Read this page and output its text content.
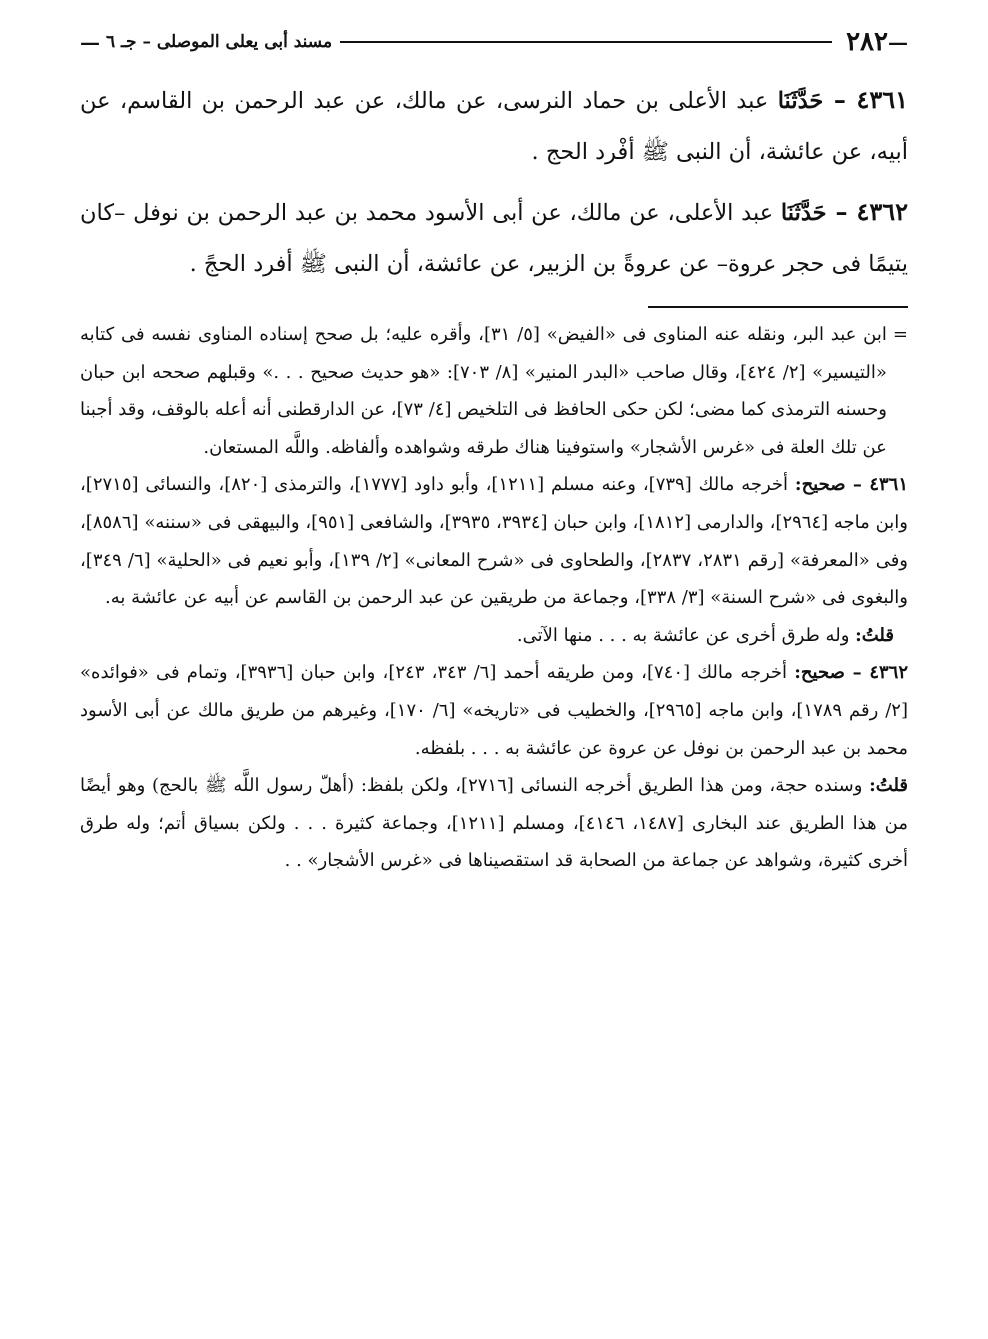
—
٢٨٢
مسند أبى يعلى الموصلى – جـ ٦
—

٤٣٦١ – حَدَّثَنَا عبد الأعلى بن حماد النرسى، عن مالك، عن عبد الرحمن بن القاسم، عن أبيه، عن عائشة، أن النبى ﷺ أفْرد الحج .

٤٣٦٢ – حَدَّثَنَا عبد الأعلى، عن مالك، عن أبى الأسود محمد بن عبد الرحمن بن نوفل –كان يتيمًا فى حجر عروة– عن عروةً بن الزبير، عن عائشة، أن النبى ﷺ أفرد الحجً .

=
ابن عبد البر، ونقله عنه المناوى فى «الفيض» [٥/ ٣١]، وأقره عليه؛ بل صحح إسناده المناوى نفسه فى كتابه «التيسير» [٢/ ٤٢٤]، وقال صاحب «البدر المنير» [٨/ ٧٠٣]: «هو حديث صحيح . . .» وقبلهم صححه ابن حبان وحسنه الترمذى كما مضى؛ لكن حكى الحافظ فى التلخيص [٤/ ٧٣]، عن الدارقطنى أنه أعله بالوقف، وقد أجبنا عن تلك العلة فى «غرس الأشجار» واستوفينا هناك طرقه وشواهده وألفاظه. واللَّه المستعان.

٤٣٦١ – صحيح: أخرجه مالك [٧٣٩]، وعنه مسلم [١٢١١]، وأبو داود [١٧٧٧]، والترمذى [٨٢٠]، والنسائى [٢٧١٥]، وابن ماجه [٢٩٦٤]، والدارمى [١٨١٢]، وابن حبان [٣٩٣٤، ٣٩٣٥]، والشافعى [٩٥١]، والبيهقى فى «سننه» [٨٥٨٦]، وفى «المعرفة» [رقم ٢٨٣١، ٢٨٣٧]، والطحاوى فى «شرح المعانى» [٢/ ١٣٩]، وأبو نعيم فى «الحلية» [٦/ ٣٤٩]، والبغوى فى «شرح السنة» [٣/ ٣٣٨]، وجماعة من طريقين عن عبد الرحمن بن القاسم عن أبيه عن عائشة به.

قلتُ: وله طرق أخرى عن عائشة به . . . منها الآتى.

٤٣٦٢ – صحيح: أخرجه مالك [٧٤٠]، ومن طريقه أحمد [٦/ ٣٤٣، ٢٤٣]، وابن حبان [٣٩٣٦]، وتمام فى «فوائده» [٢/ رقم ١٧٨٩]، وابن ماجه [٢٩٦٥]، والخطيب فى «تاريخه» [٦/ ١٧٠]، وغيرهم من طريق مالك عن أبى الأسود محمد بن عبد الرحمن بن نوفل عن عروة عن عائشة به . . . بلفظه.

قلتُ: وسنده حجة، ومن هذا الطريق أخرجه النسائى [٢٧١٦]، ولكن بلفظ: (أهلّ رسول اللَّه ﷺ بالحج) وهو أيضًا من هذا الطريق عند البخارى [١٤٨٧، ٤١٤٦]، ومسلم [١٢١١]، وجماعة كثيرة . . . ولكن بسياق أتم؛ وله طرق أخرى كثيرة، وشواهد عن جماعة من الصحابة قد استقصيناها فى «غرس الأشجار» . .
